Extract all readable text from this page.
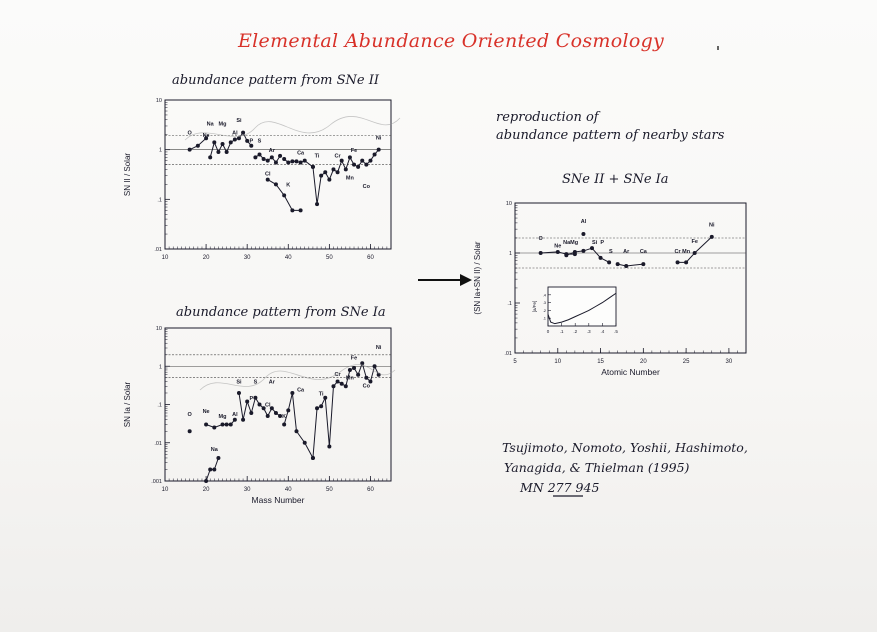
Elemental Abundance Oriented Cosmology
abundance pattern from SNe II
abundance pattern from SNe Ia
reproduction of
abundance pattern of nearby stars
SNe II + SNe Ia
Tsujimoto, Nomoto, Yoshii, Hashimoto,
Yanagida, & Thielman (1995)
MN 277 945
10	20	30	40	50	60
10
1
.1
.01
O
Na Mg
Si
Ne	Al
P S
Ar	Ca
Cl
K
Ti	Cr
Fe
Mn
Co
Ni
SN II / Solar
10	20	30	40	50	60
10
1
.1
.01
.001
O
Ne
Mg Al
Na
Si S Ar
P
Cl
K
Ca
Ti
Cr
Mn
Fe
Co
Ni
Mass Number
SN Ia / Solar
5	10	15	20	25	30
10
1
.1
.01
O
Ne
NaMg	Si P
Al
S Ar Ca	Cr Mn
Fe
Ni
Atomic Number
(SN Ia+SN II) / Solar
0 .1 .2 .3 .4 .5
.4
.3
.2
.1
[a/Fe]
